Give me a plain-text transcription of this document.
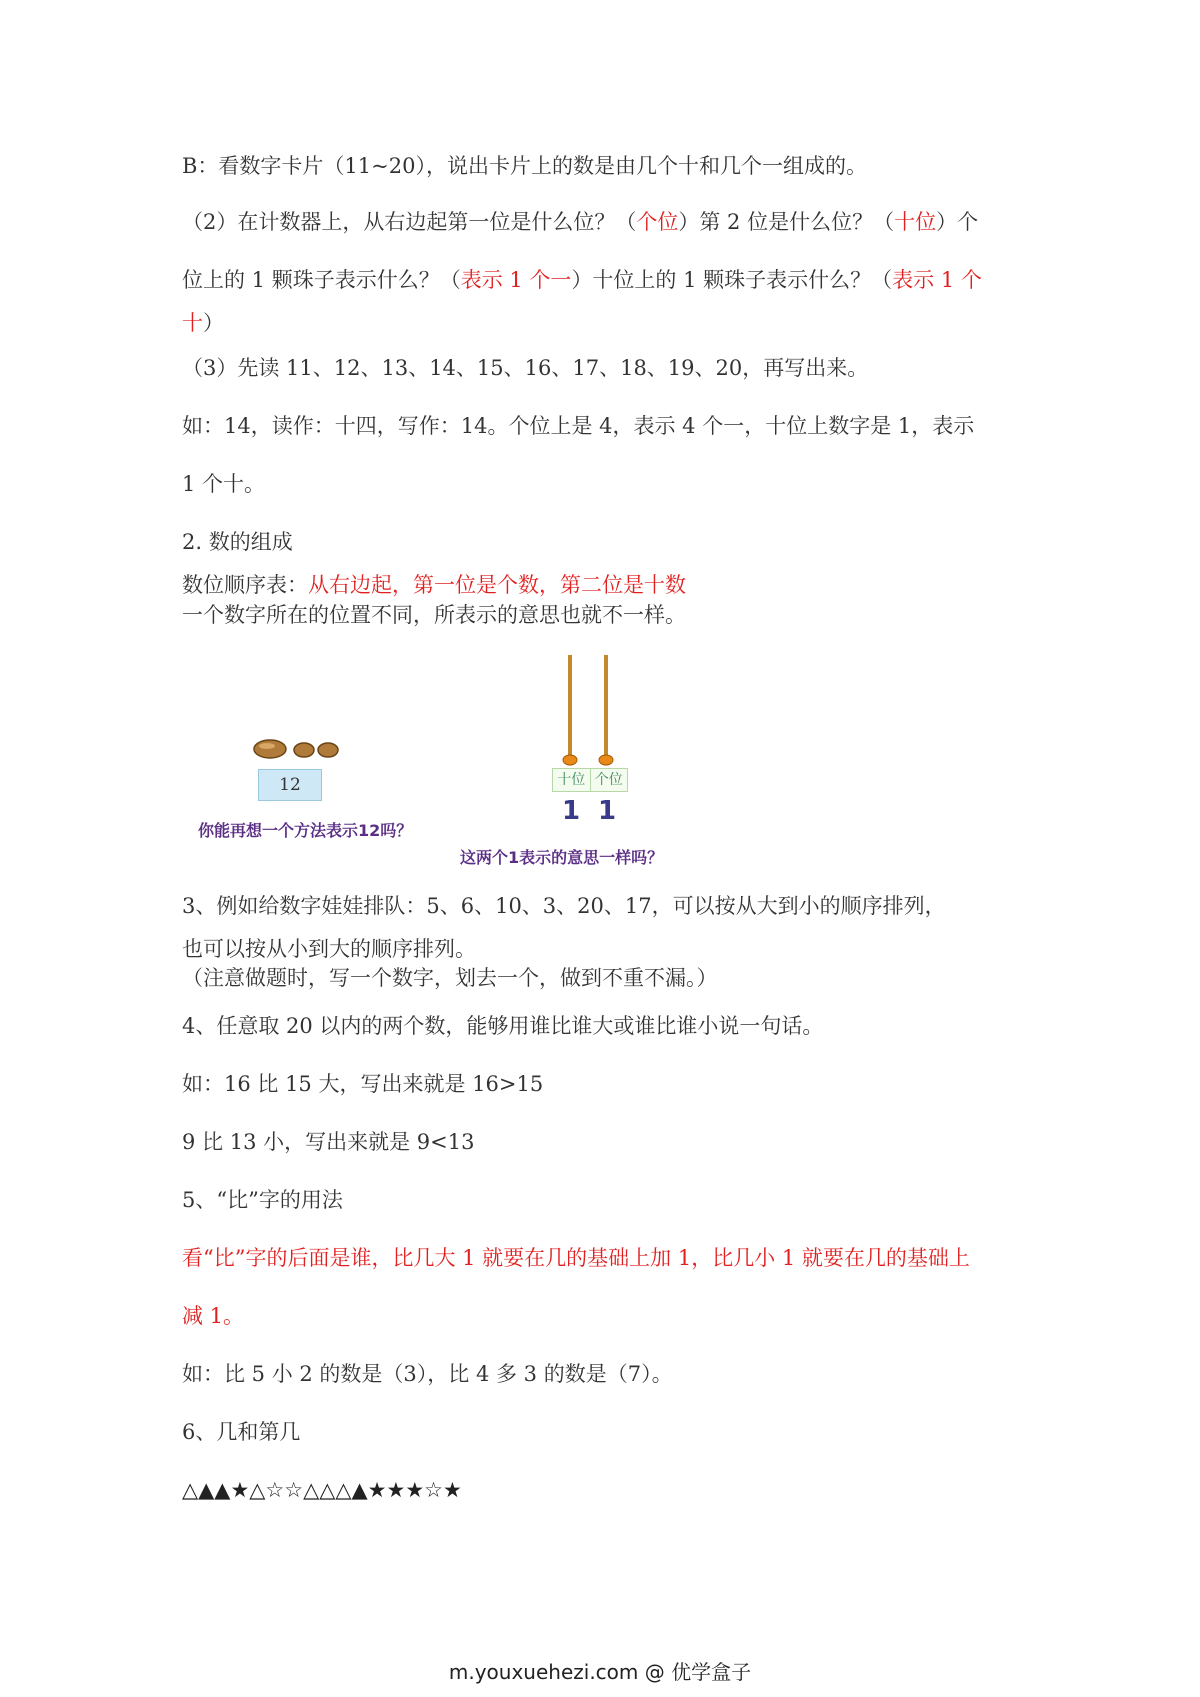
B：看数字卡片（11~20），说出卡片上的数是由几个十和几个一组成的。
（2）在计数器上，从右边起第一位是什么位？（个位）第 2 位是什么位？（十位）个
位上的 1 颗珠子表示什么？（表示 1 个一）十位上的 1 颗珠子表示什么？（表示 1 个
十）
（3）先读 11、12、13、14、15、16、17、18、19、20，再写出来。
如：14，读作：十四，写作：14。个位上是 4，表示 4 个一，十位上数字是 1，表示
1 个十。
2. 数的组成
数位顺序表：从右边起，第一位是个数，第二位是十数
一个数字所在的位置不同，所表示的意思也就不一样。
12
你能再想一个方法表示12吗？
十位 个位
1 1
这两个1表示的意思一样吗？
3、例如给数字娃娃排队：5、6、10、3、20、17，可以按从大到小的顺序排列，
也可以按从小到大的顺序排列。
（注意做题时，写一个数字，划去一个，做到不重不漏。）
4、任意取 20 以内的两个数，能够用谁比谁大或谁比谁小说一句话。
如：16 比 15 大，写出来就是 16>15
9 比 13 小，写出来就是 9<13
5、“比”字的用法
看“比”字的后面是谁，比几大 1 就要在几的基础上加 1，比几小 1 就要在几的基础上
减 1。
如：比 5 小 2 的数是（3），比 4 多 3 的数是（7）。
6、几和第几
△▲▲★△☆☆△△△▲★★★☆★
m.youxuehezi.com @ 优学盒子
